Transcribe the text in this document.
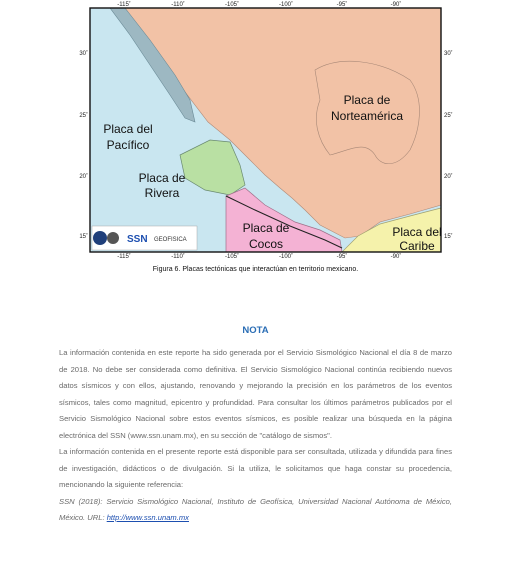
-115˚	-110˚	-105˚	-100˚	-95˚	-90˚
-115˚	-110˚	-105˚	-100˚	-95˚	-90˚
30˚
25˚
20˚
15˚
30˚
25˚
20˚
15˚
Placa del
Pacífico
Placa de
Norteamérica
Placa de
Rivera
Placa de
Cocos
Placa del
Caribe
SSN GEOFISICA
Figura 6. Placas tectónicas que interactúan en territorio mexicano.
NOTA

La información contenida en este reporte ha sido generada por el Servicio Sismológico Nacional el día 8 de marzo de 2018. No debe ser considerada como definitiva. El Servicio Sismológico Nacional continúa recibiendo nuevos datos sísmicos y con ellos, ajustando, renovando y mejorando la precisión en los parámetros de los eventos sísmicos, tales como magnitud, epicentro y profundidad. Para consultar los últimos parámetros publicados por el Servicio Sismológico Nacional sobre estos eventos sísmicos, es posible realizar una búsqueda en la página electrónica del SSN (www.ssn.unam.mx), en su sección de "catálogo de sismos".

La información contenida en el presente reporte está disponible para ser consultada, utilizada y difundida para fines de investigación, didácticos o de divulgación. Si la utiliza, le solicitamos que haga constar su procedencia, mencionando la siguiente referencia:

SSN (2018): Servicio Sismológico Nacional, Instituto de Geofísica, Universidad Nacional Autónoma de México, México. URL: http://www.ssn.unam.mx
